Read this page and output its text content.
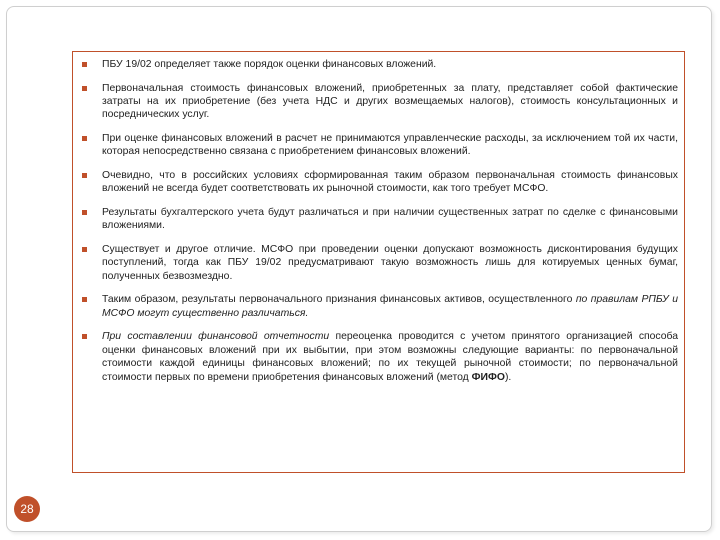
ПБУ 19/02 определяет также порядок оценки финансовых вложений.
Первоначальная стоимость финансовых вложений, приобретенных за плату, представляет собой фактические затраты на их приобретение (без учета НДС и других возмещаемых налогов), стоимость консультационных и посреднических услуг.
При оценке финансовых вложений в расчет не принимаются управленческие расходы, за исключением той их части, которая непосредственно связана с приобретением финансовых вложений.
Очевидно, что в российских условиях сформированная таким образом первоначальная стоимость финансовых вложений не всегда будет соответствовать их рыночной стоимости, как того требует МСФО.
Результаты бухгалтерского учета будут различаться и при наличии существенных затрат по сделке с финансовыми вложениями.
Существует и другое отличие. МСФО при проведении оценки допускают возможность дисконтирования будущих поступлений, тогда как ПБУ 19/02 предусматривают такую возможность лишь для котируемых ценных бумаг, полученных безвозмездно.
Таким образом, результаты первоначального признания финансовых активов, осуществленного по правилам РПБУ и МСФО могут существенно различаться.
При составлении финансовой отчетности переоценка проводится с учетом принятого организацией способа оценки финансовых вложений при их выбытии, при этом возможны следующие варианты: по первоначальной стоимости каждой единицы финансовых вложений; по их текущей рыночной стоимости; по первоначальной стоимости первых по времени приобретения финансовых вложений (метод ФИФО).
28
